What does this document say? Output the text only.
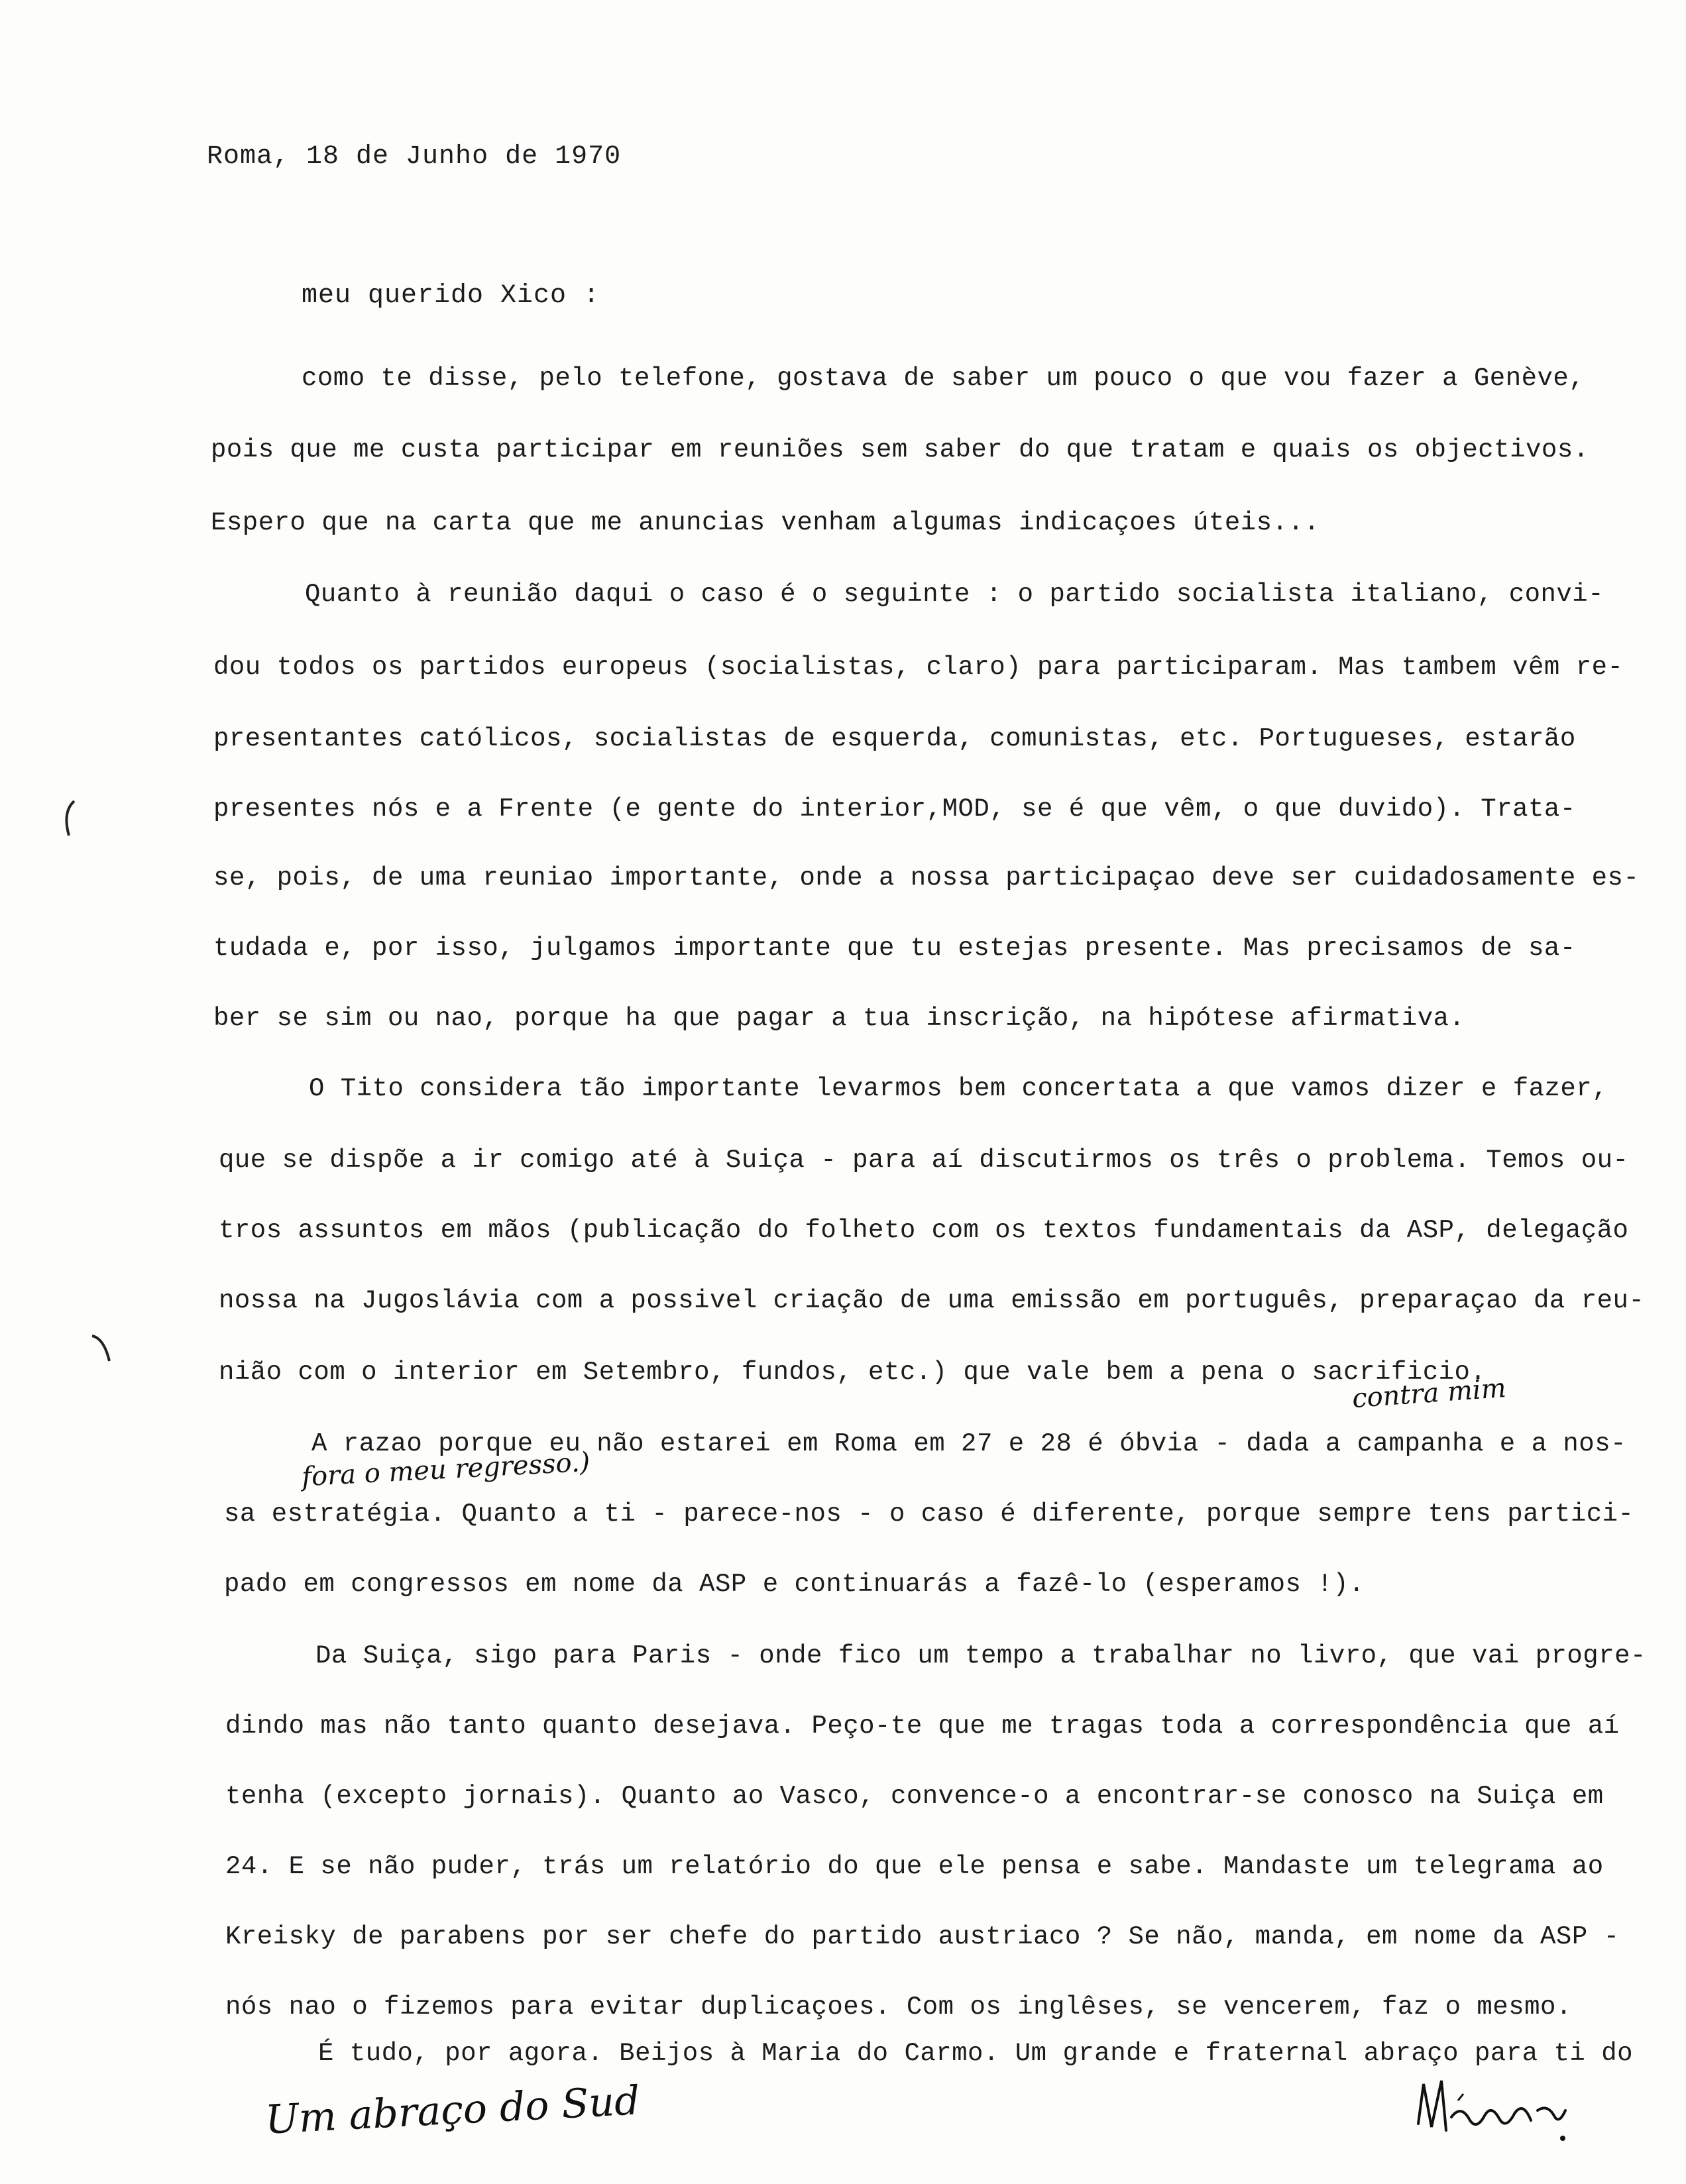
Roma, 18 de Junho de 1970
meu querido Xico :
como te disse, pelo telefone, gostava de saber um pouco o que vou fazer a Genève,
pois que me custa participar em reuniões sem saber do que tratam e quais os objectivos.
Espero que na carta que me anuncias venham algumas indicaçoes úteis...
Quanto à reunião daqui o caso é o seguinte : o partido socialista italiano, convi-
dou todos os partidos europeus (socialistas, claro) para participaram. Mas tambem vêm re-
presentantes católicos, socialistas de esquerda, comunistas, etc. Portugueses, estarão
presentes nós e a Frente (e gente do interior,MOD, se é que vêm, o que duvido). Trata-
se, pois, de uma reuniao importante, onde a nossa participaçao deve ser cuidadosamente es-
tudada e, por isso, julgamos importante que tu estejas presente. Mas precisamos de sa-
ber se sim ou nao, porque ha que pagar a tua inscrição, na hipótese afirmativa.
O Tito considera tão importante levarmos bem concertata a que vamos dizer e fazer,
que se dispõe a ir comigo até à Suiça - para aí discutirmos os três o problema. Temos ou-
tros assuntos em mãos (publicação do folheto com os textos fundamentais da ASP, delegação
nossa na Jugoslávia com a possivel criação de uma emissão em português, preparaçao da reu-
nião com o interior em Setembro, fundos, etc.) que vale bem a pena o sacrificio.
contra mim
A razao porque eu não estarei em Roma em 27 e 28 é óbvia - dada a campanha e a nos-
fora o meu regresso.)
sa estratégia. Quanto a ti - parece-nos - o caso é diferente, porque sempre tens partici-
pado em congressos em nome da ASP e continuarás a fazê-lo (esperamos !).
Da Suiça, sigo para Paris - onde fico um tempo a trabalhar no livro, que vai progre-
dindo mas não tanto quanto desejava. Peço-te que me tragas toda a correspondência que aí
tenha (excepto jornais). Quanto ao Vasco, convence-o a encontrar-se conosco na Suiça em
24. E se não puder, trás um relatório do que ele pensa e sabe. Mandaste um telegrama ao
Kreisky de parabens por ser chefe do partido austriaco ? Se não, manda, em nome da ASP -
nós nao o fizemos para evitar duplicaçoes. Com os inglêses, se vencerem, faz o mesmo.
É tudo, por agora. Beijos à Maria do Carmo. Um grande e fraternal abraço para ti do
Um abraço do Sud
